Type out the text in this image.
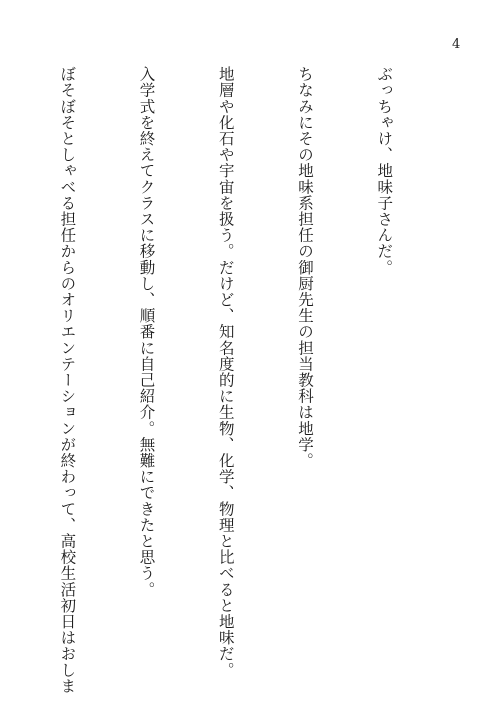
4

ぶっちゃけ、地味子さんだ。

ちなみにその地味系担任の御厨先生の担当教科は地学。

地層や化石や宇宙を扱う。だけど、知名度的に生物、化学、物理と比べると地味だ。

入学式を終えてクラスに移動し、順番に自己紹介。無難にできたと思う。

ぼそぼそとしゃべる担任からのオリエンテーションが終わって、高校生活初日はおしま
